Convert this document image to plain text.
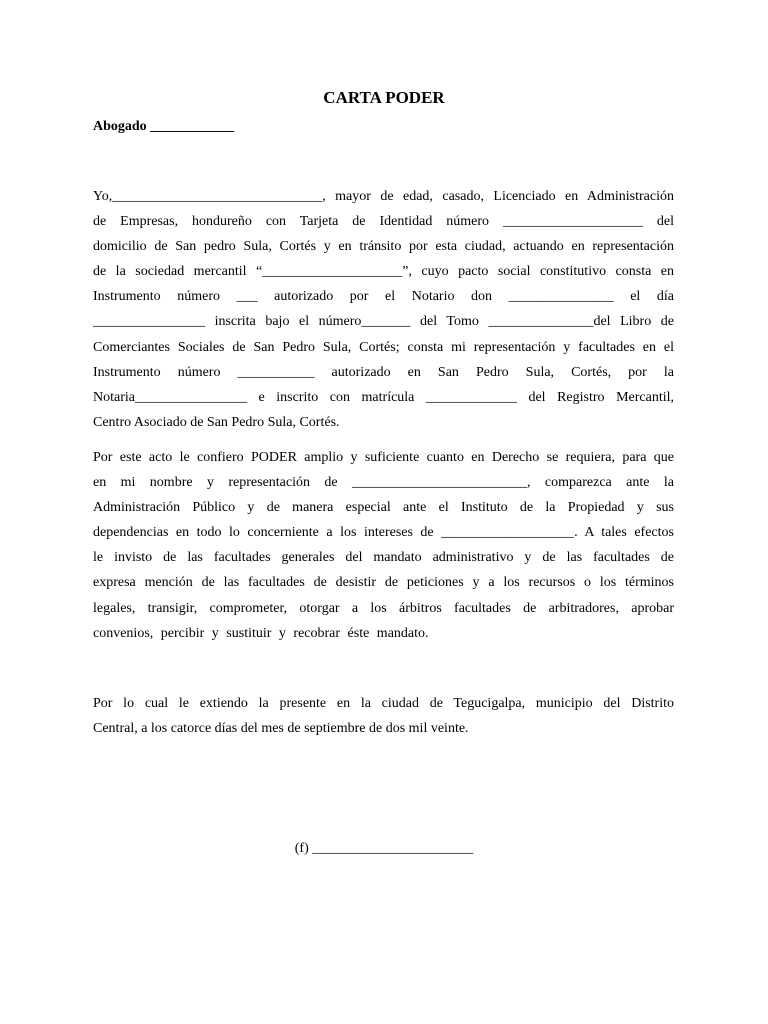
CARTA PODER
Abogado ____________
Yo,______________________________, mayor de edad, casado, Licenciado en Administración
de Empresas, hondureño con Tarjeta de Identidad número ____________________ del
domicilio de San pedro Sula, Cortés y en tránsito por esta ciudad, actuando en representación
de la sociedad mercantil “____________________”, cuyo pacto social constitutivo consta en
Instrumento número ___ autorizado por el Notario don _______________ el día
________________ inscrita bajo el número_______ del Tomo _______________del Libro de
Comerciantes Sociales de San Pedro Sula, Cortés; consta mi representación y facultades en el
Instrumento número ___________ autorizado en San Pedro Sula, Cortés, por la
Notaria________________ e inscrito con matrícula _____________ del Registro Mercantil,
Centro Asociado de San Pedro Sula, Cortés.
Por este acto le confiero PODER amplio y suficiente cuanto en Derecho se requiera, para que
en mi nombre y representación de _________________________, comparezca ante la
Administración Público y de manera especial ante el Instituto de la Propiedad y sus
dependencias en todo lo concerniente a los intereses de ___________________. A tales efectos
le invisto de las facultades generales del mandato administrativo y de las facultades de
expresa mención de las facultades de desistir de peticiones y a los recursos o los términos
legales, transigir, comprometer, otorgar a los árbitros facultades de arbitradores, aprobar
convenios, percibir y sustituir y recobrar éste mandato.
Por lo cual le extiendo la presente en la ciudad de Tegucigalpa, municipio del Distrito
Central, a los catorce días del mes de septiembre de dos mil veinte.
(f) _______________________
